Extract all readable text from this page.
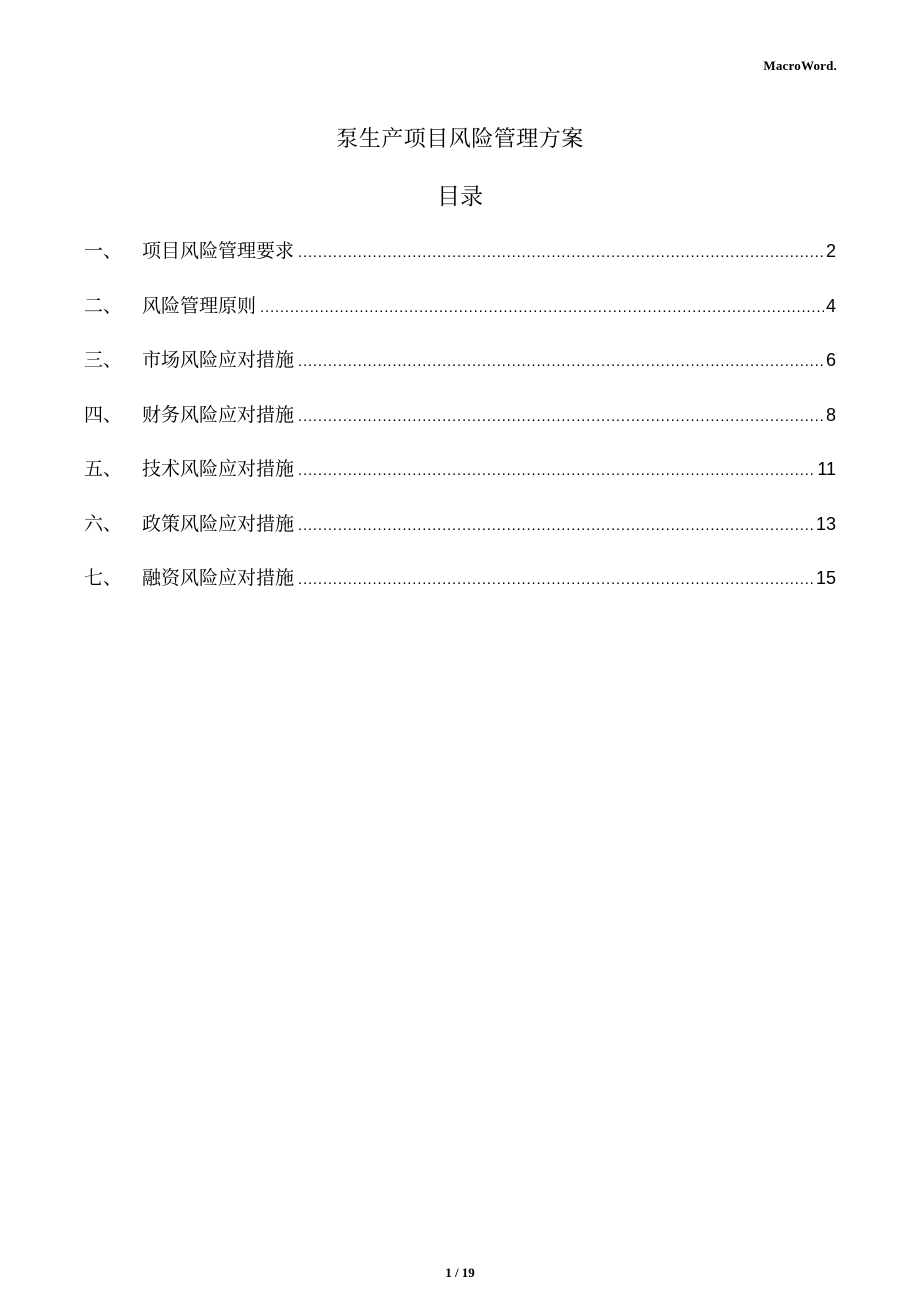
MacroWord.
泵生产项目风险管理方案
目录
一、	项目风险管理要求 .....	2
二、	风险管理原则 .....	4
三、	市场风险应对措施 .....	6
四、	财务风险应对措施 .....	8
五、	技术风险应对措施 .....	11
六、	政策风险应对措施 .....	13
七、	融资风险应对措施 .....	15
1 / 19
